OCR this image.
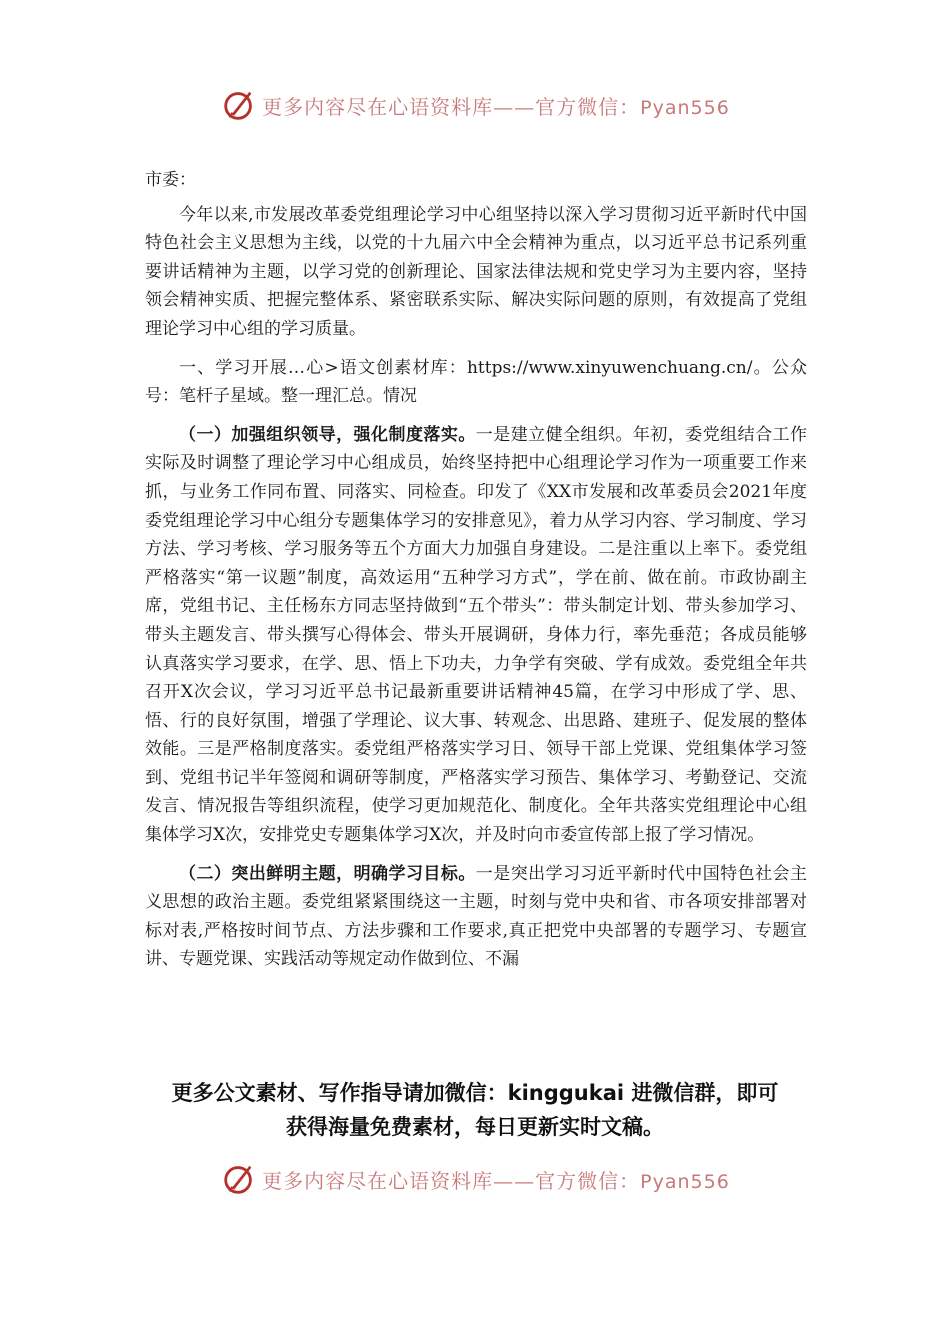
更多内容尽在心语资料库——官方微信：Pyan556

市委：

今年以来,市发展改革委党组理论学习中心组坚持以深入学习贯彻习近平新时代中国特色社会主义思想为主线，以党的十九届六中全会精神为重点，以习近平总书记系列重要讲话精神为主题，以学习党的创新理论、国家法律法规和党史学习为主要内容，坚持领会精神实质、把握完整体系、紧密联系实际、解决实际问题的原则，有效提高了党组理论学习中心组的学习质量。

一、学习开展…心>语文创素材库：https://www.xinyuwenchuang.cn/。公众号：笔杆子星域。整一理汇总。情况

（一）加强组织领导，强化制度落实。一是建立健全组织。年初，委党组结合工作实际及时调整了理论学习中心组成员，始终坚持把中心组理论学习作为一项重要工作来抓，与业务工作同布置、同落实、同检查。印发了《XX市发展和改革委员会2021年度委党组理论学习中心组分专题集体学习的安排意见》，着力从学习内容、学习制度、学习方法、学习考核、学习服务等五个方面大力加强自身建设。二是注重以上率下。委党组严格落实“第一议题”制度，高效运用“五种学习方式”，学在前、做在前。市政协副主席，党组书记、主任杨东方同志坚持做到“五个带头”：带头制定计划、带头参加学习、带头主题发言、带头撰写心得体会、带头开展调研，身体力行，率先垂范；各成员能够认真落实学习要求，在学、思、悟上下功夫，力争学有突破、学有成效。委党组全年共召开X次会议，学习习近平总书记最新重要讲话精神45篇，在学习中形成了学、思、悟、行的良好氛围，增强了学理论、议大事、转观念、出思路、建班子、促发展的整体效能。三是严格制度落实。委党组严格落实学习日、领导干部上党课、党组集体学习签到、党组书记半年签阅和调研等制度，严格落实学习预告、集体学习、考勤登记、交流发言、情况报告等组织流程，使学习更加规范化、制度化。全年共落实党组理论中心组集体学习X次，安排党史专题集体学习X次，并及时向市委宣传部上报了学习情况。

（二）突出鲜明主题，明确学习目标。一是突出学习习近平新时代中国特色社会主义思想的政治主题。委党组紧紧围绕这一主题，时刻与党中央和省、市各项安排部署对标对表,严格按时间节点、方法步骤和工作要求,真正把党中央部署的专题学习、专题宣讲、专题党课、实践活动等规定动作做到位、不漏

更多公文素材、写作指导请加微信：kinggukai 进微信群，即可
获得海量免费素材，每日更新实时文稿。
更多内容尽在心语资料库——官方微信：Pyan556
